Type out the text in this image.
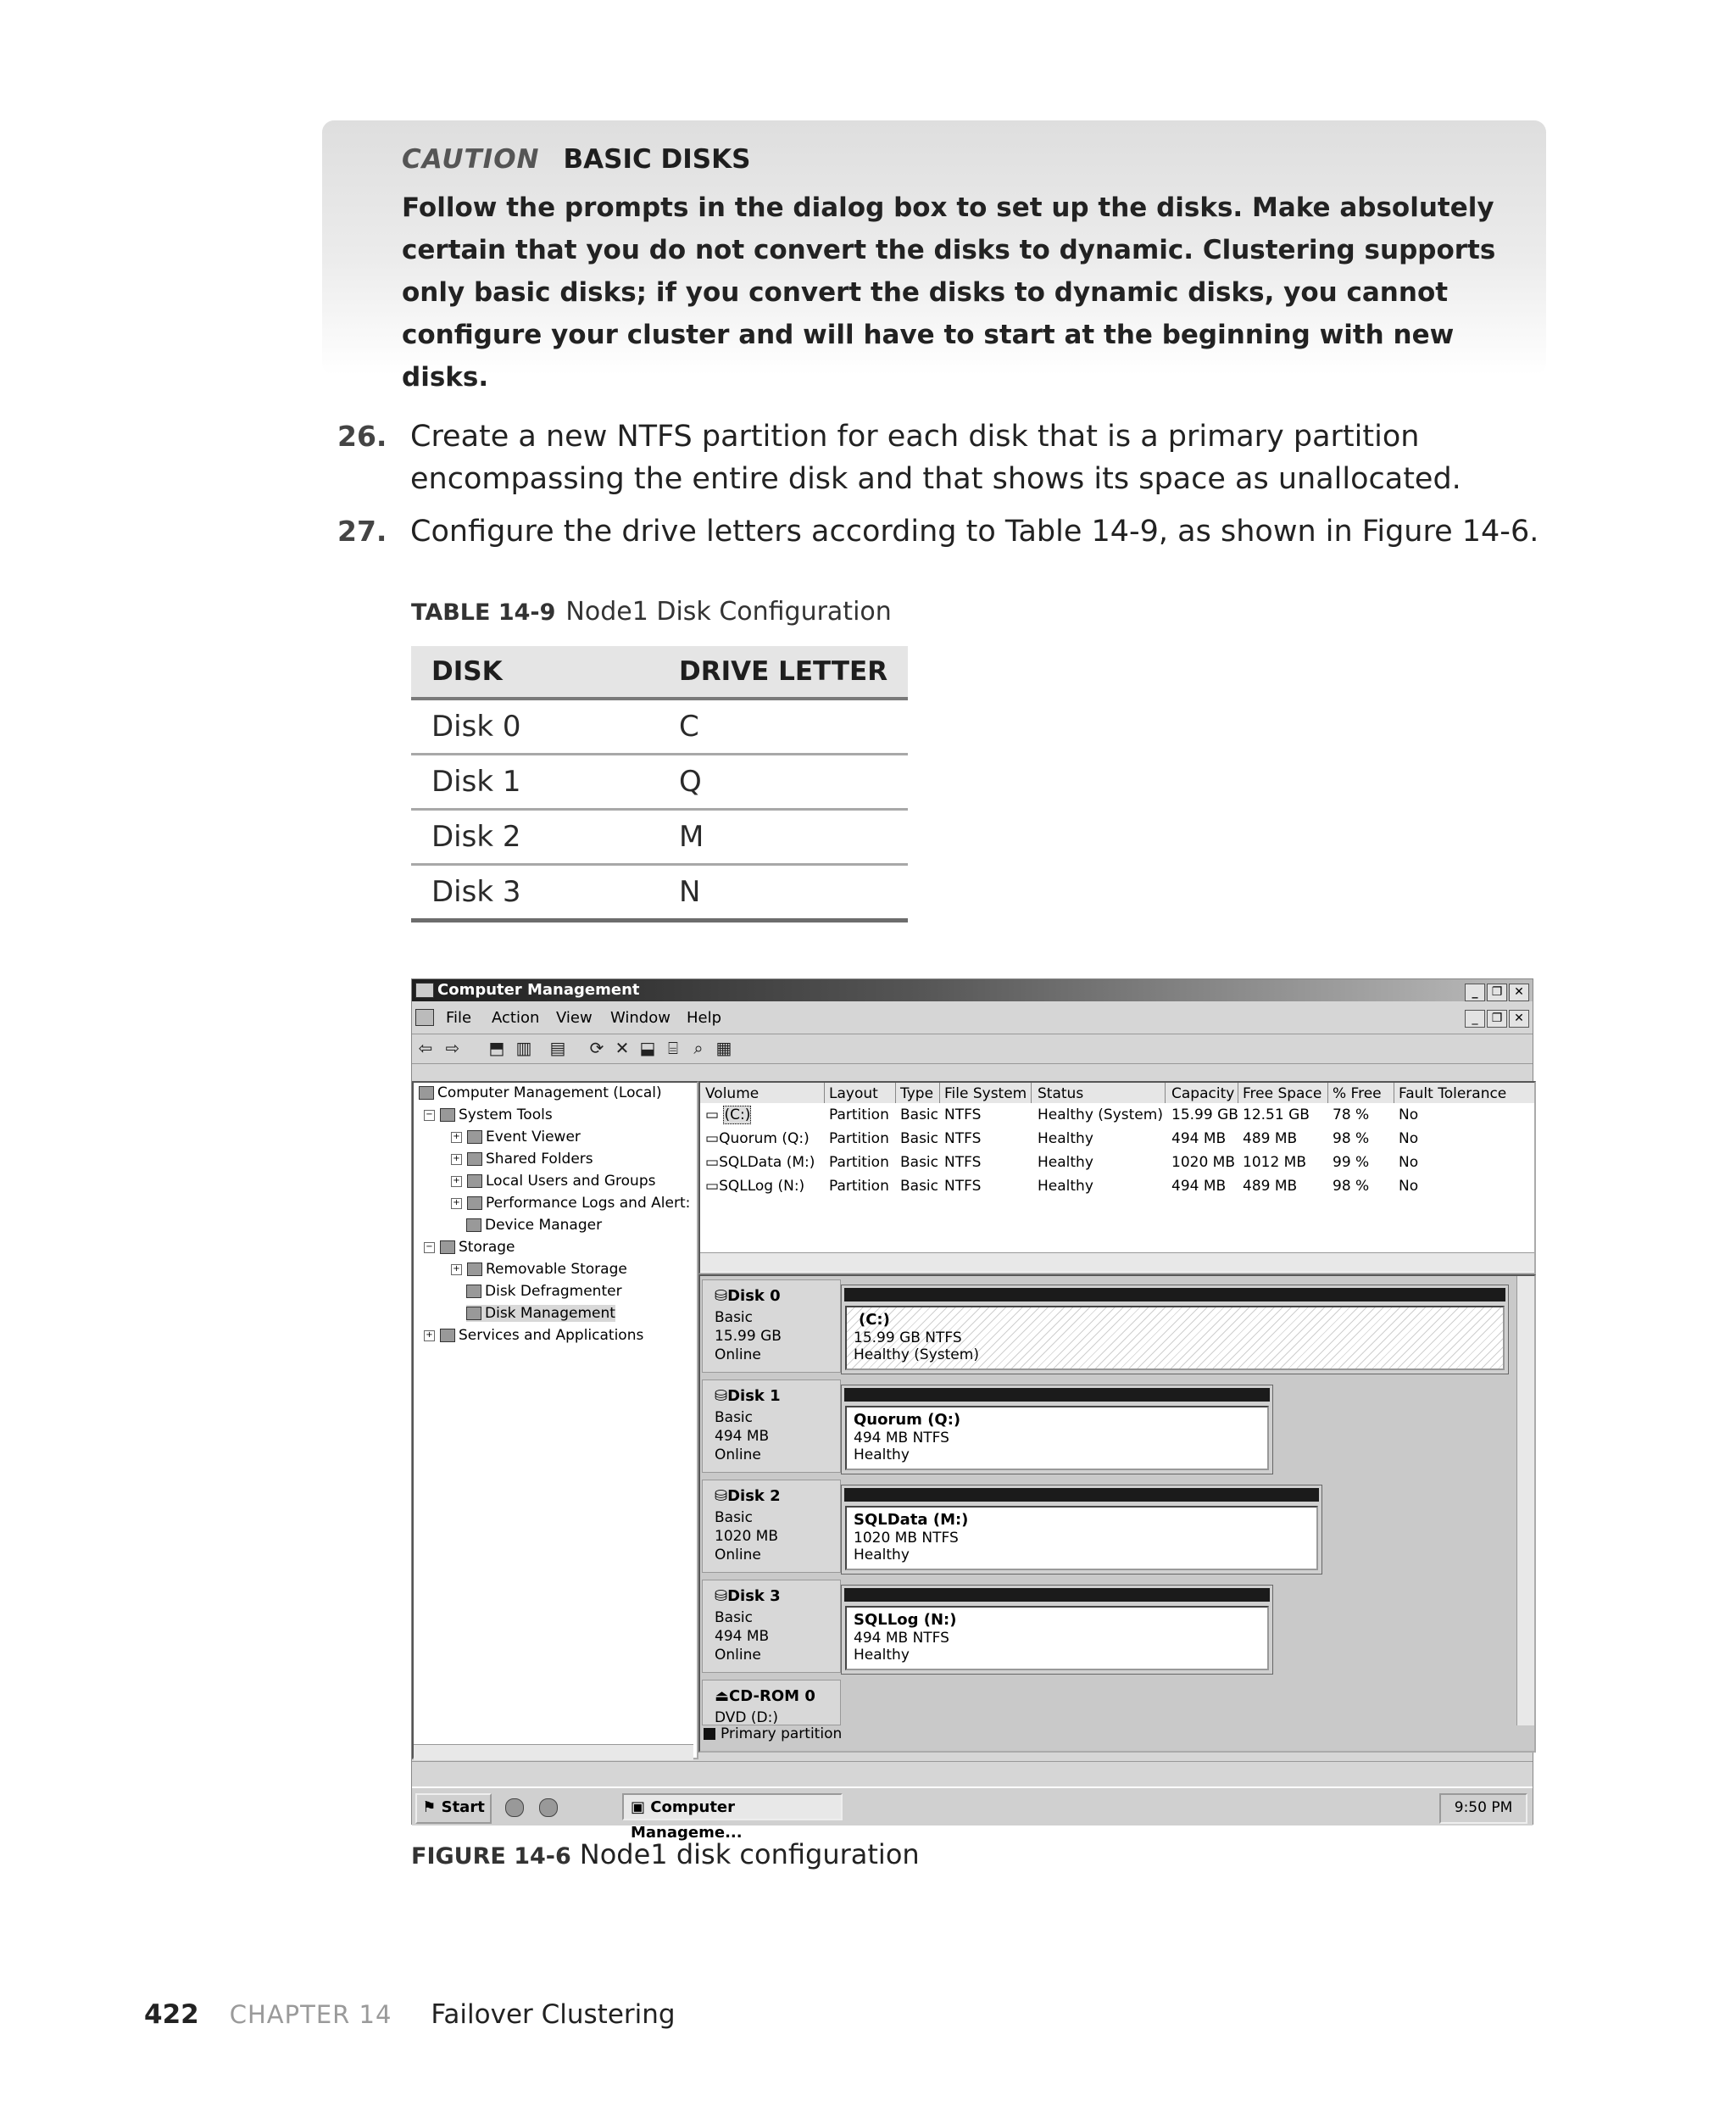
CAUTION BASIC DISKS
Follow the prompts in the dialog box to set up the disks. Make absolutely certain that you do not convert the disks to dynamic. Clustering supports only basic disks; if you convert the disks to dynamic disks, you cannot configure your cluster and will have to start at the beginning with new disks.
26. Create a new NTFS partition for each disk that is a primary partition encompassing the entire disk and that shows its space as unallocated.
27. Configure the drive letters according to Table 14-9, as shown in Figure 14-6.
TABLE 14-9 Node1 Disk Configuration
DISK	DRIVE LETTER
Disk 0	C
Disk 1	Q
Disk 2	M
Disk 3	N
Computer Management	_ ❐ ✕
File Action View Window Help	_ ❐ ✕
⇦ ⇨ ⬒ ▥ ▤ ⟳ ✕ ⬓ ⌸ ⌕ ▦
Computer Management (Local)
− System Tools
+ Event Viewer
+ Shared Folders
+ Local Users and Groups
+ Performance Logs and Alert:
Device Manager
− Storage
+ Removable Storage
Disk Defragmenter
Disk Management
+ Services and Applications
Volume	Layout Type File System Status	Capacity Free Space % Free Fault Tolerance
▭ (C:)	Partition Basic NTFS	Healthy (System) 15.99 GB 12.51 GB 78 % No
▭Quorum (Q:) Partition Basic NTFS	Healthy	494 MB 489 MB 98 % No
▭SQLData (M:) Partition Basic NTFS	Healthy	1020 MB 1012 MB 99 % No
▭SQLLog (N:) Partition Basic NTFS	Healthy	494 MB 489 MB 98 % No
⛁Disk 0
Basic
15.99 GB
Online
(C:)
15.99 GB NTFS
Healthy (System)
⛁Disk 1
Basic
494 MB
Online
Quorum (Q:)
494 MB NTFS
Healthy
⛁Disk 2
Basic
1020 MB
Online
SQLData (M:)
1020 MB NTFS
Healthy
⛁Disk 3
Basic
494 MB
Online
SQLLog (N:)
494 MB NTFS
Healthy
⏏CD-ROM 0
DVD (D:)
Primary partition
⚑ Start	▣ Computer Manageme...
9:50 PM
FIGURE 14-6 Node1 disk configuration
422 CHAPTER 14 Failover Clustering
